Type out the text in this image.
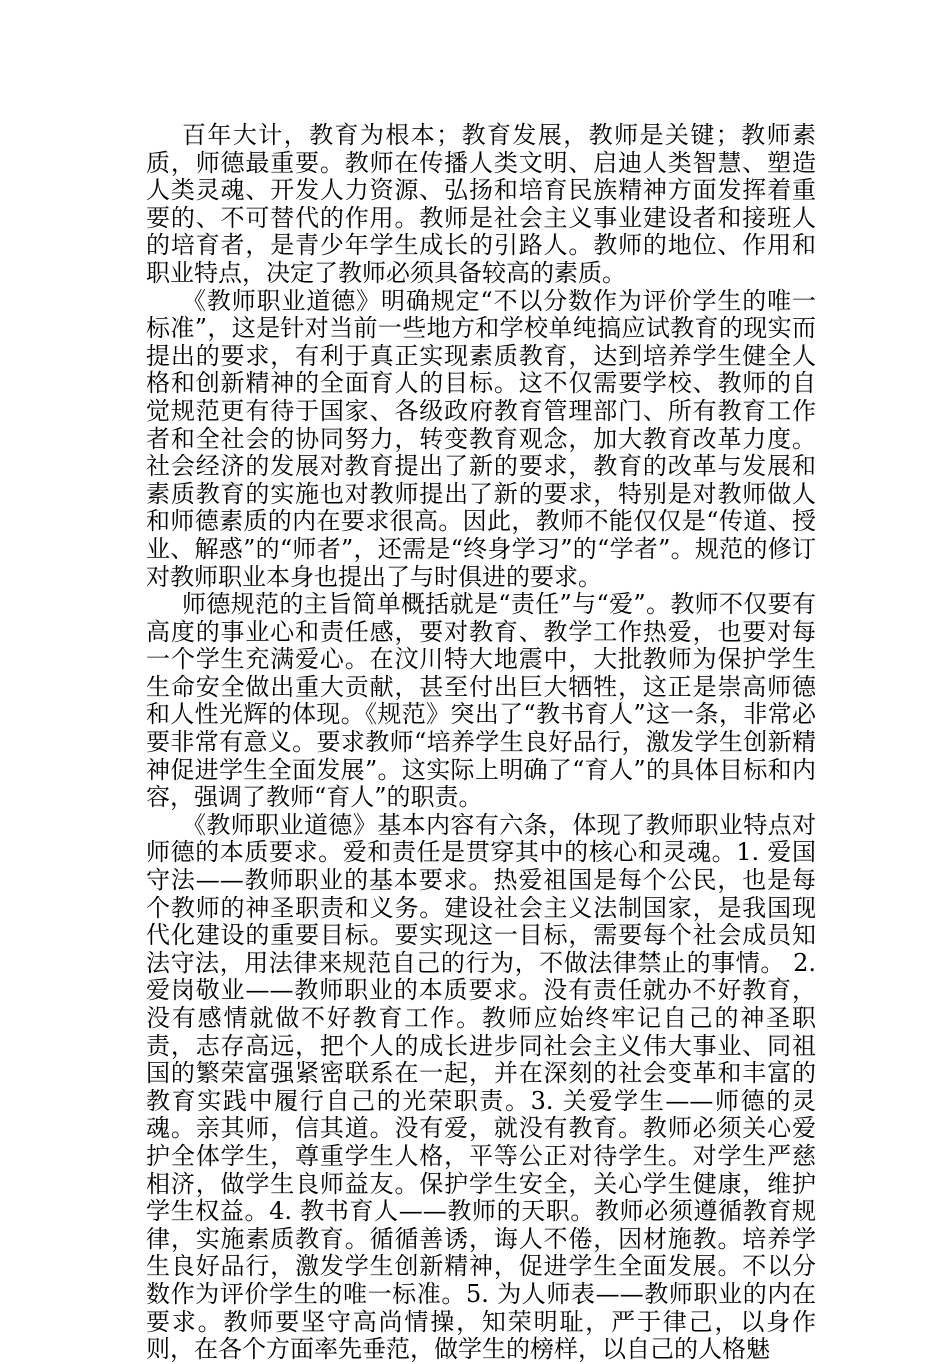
百年大计，教育为根本；教育发展，教师是关键；教师素质，师德最重要。教师在传播人类文明、启迪人类智慧、塑造人类灵魂、开发人力资源、弘扬和培育民族精神方面发挥着重要的、不可替代的作用。教师是社会主义事业建设者和接班人的培育者，是青少年学生成长的引路人。教师的地位、作用和职业特点，决定了教师必须具备较高的素质。

《教师职业道德》明确规定“不以分数作为评价学生的唯一标准”，这是针对当前一些地方和学校单纯搞应试教育的现实而提出的要求，有利于真正实现素质教育，达到培养学生健全人格和创新精神的全面育人的目标。这不仅需要学校、教师的自觉规范更有待于国家、各级政府教育管理部门、所有教育工作者和全社会的协同努力，转变教育观念，加大教育改革力度。社会经济的发展对教育提出了新的要求，教育的改革与发展和素质教育的实施也对教师提出了新的要求，特别是对教师做人和师德素质的内在要求很高。因此，教师不能仅仅是“传道、授业、解惑”的“师者”，还需是“终身学习”的“学者”。规范的修订对教师职业本身也提出了与时俱进的要求。

师德规范的主旨简单概括就是“责任”与“爱”。教师不仅要有高度的事业心和责任感，要对教育、教学工作热爱，也要对每一个学生充满爱心。在汶川特大地震中，大批教师为保护学生生命安全做出重大贡献，甚至付出巨大牺牲，这正是崇高师德和人性光辉的体现。《规范》突出了“教书育人”这一条，非常必要非常有意义。要求教师“培养学生良好品行，激发学生创新精神促进学生全面发展”。这实际上明确了“育人”的具体目标和内容，强调了教师“育人”的职责。

《教师职业道德》基本内容有六条，体现了教师职业特点对师德的本质要求。爱和责任是贯穿其中的核心和灵魂。1. 爱国守法——教师职业的基本要求。热爱祖国是每个公民，也是每个教师的神圣职责和义务。建设社会主义法制国家，是我国现代化建设的重要目标。要实现这一目标，需要每个社会成员知法守法，用法律来规范自己的行为，不做法律禁止的事情。 2. 爱岗敬业——教师职业的本质要求。没有责任就办不好教育，没有感情就做不好教育工作。教师应始终牢记自己的神圣职责，志存高远，把个人的成长进步同社会主义伟大事业、同祖国的繁荣富强紧密联系在一起，并在深刻的社会变革和丰富的教育实践中履行自己的光荣职责。3. 关爱学生——师德的灵魂。亲其师，信其道。没有爱，就没有教育。教师必须关心爱护全体学生，尊重学生人格，平等公正对待学生。对学生严慈相济，做学生良师益友。保护学生安全，关心学生健康，维护学生权益。4. 教书育人——教师的天职。教师必须遵循教育规律，实施素质教育。循循善诱，诲人不倦，因材施教。培养学生良好品行，激发学生创新精神，促进学生全面发展。不以分数作为评价学生的唯一标准。5. 为人师表——教师职业的内在要求。教师要坚守高尚情操，知荣明耻，严于律己，以身作则，在各个方面率先垂范，做学生的榜样，以自己的人格魅
